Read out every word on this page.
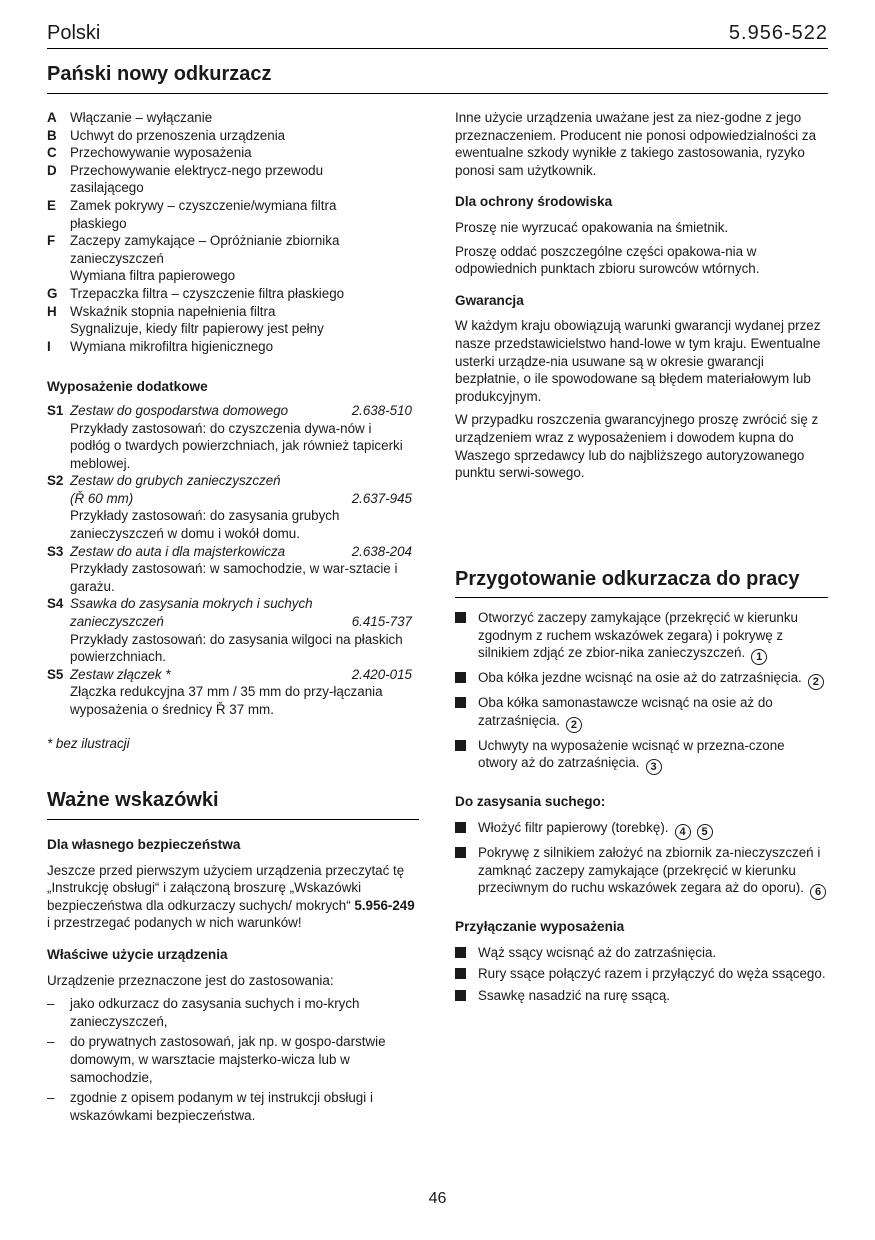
Polski	5.956-522
Pański nowy odkurzacz
A Włączanie – wyłączanie
B Uchwyt do przenoszenia urządzenia
C Przechowywanie wyposażenia
D Przechowywanie elektrycz-nego przewodu
zasilającego
E	Zamek pokrywy – czyszczenie/wymiana filtra
płaskiego
F	Zaczepy zamykające – Opróżnianie zbiornika
zanieczyszczeń
Wymiana filtra papierowego
G Trzepaczka filtra – czyszczenie filtra płaskiego
H Wskaźnik stopnia napełnienia filtra
Sygnalizuje, kiedy filtr papierowy jest pełny
I	Wymiana mikrofiltra higienicznego
Wyposażenie dodatkowe
S1 Zestaw do gospodarstwa domowego	2.638-510
Przykłady zastosowań: do czyszczenia dywa-nów i podłóg o twardych powierzchniach, jak również tapicerki meblowej.
S2 Zestaw do grubych zanieczyszczeń
(Ř 60 mm)	2.637-945
Przykłady zastosowań: do zasysania grubych zanieczyszczeń w domu i wokół domu.
S3 Zestaw do auta i dla majsterkowicza	2.638-204
Przykłady zastosowań: w samochodzie, w war-sztacie i garażu.
S4 Ssawka do zasysania mokrych i suchych
zanieczyszczeń	6.415-737
Przykłady zastosowań: do zasysania wilgoci na płaskich powierzchniach.
S5 Zestaw złączek *	2.420-015
Złączka redukcyjna 37 mm / 35 mm do przy-łączania wyposażenia o średnicy Ř 37 mm.
* bez ilustracji
Ważne wskazówki
Dla własnego bezpieczeństwa

Jeszcze przed pierwszym użyciem urządzenia przeczytać tę „Instrukcję obsługi“ i załączoną broszurę „Wskazówki bezpieczeństwa dla odkurzaczy suchych/ mokrych“ 5.956-249
i przestrzegać podanych w nich warunków!

Właściwe użycie urządzenia

Urządzenie przeznaczone jest do zastosowania:

–	jako odkurzacz do zasysania suchych i mo-krych zanieczyszczeń,
–	do prywatnych zastosowań, jak np. w gospo-darstwie domowym, w warsztacie majsterko-wicza lub w samochodzie,
–	zgodnie z opisem podanym w tej instrukcji obsługi i wskazówkami bezpieczeństwa.

Inne użycie urządzenia uważane jest za niez-godne z jego przeznaczeniem. Producent nie ponosi odpowiedzialności za ewentualne szkody wynikłe z takiego zastosowania, ryzyko ponosi sam użytkownik.

Dla ochrony środowiska

Proszę nie wyrzucać opakowania na śmietnik.

Proszę oddać poszczególne części opakowa-nia w odpowiednich punktach zbioru surowców wtórnych.

Gwarancja

W każdym kraju obowiązują warunki gwarancji wydanej przez nasze przedstawicielstwo hand-lowe w tym kraju. Ewentualne usterki urządze-nia usuwane są w okresie gwarancji bezpłatnie, o ile spowodowane są błędem materiałowym lub produkcyjnym.

W przypadku roszczenia gwarancyjnego proszę zwrócić się z urządzeniem wraz z wyposażeniem i dowodem kupna do Waszego sprzedawcy lub do najbliższego autoryzowanego punktu serwi-sowego.

Przygotowanie odkurzacza do pracy
Otworzyć zaczepy zamykające (przekręcić w kierunku zgodnym z ruchem wskazówek zegara) i pokrywę z silnikiem zdjąć ze zbior-nika zanieczyszczeń. 1
Oba kółka jezdne wcisnąć na osie aż do zatrzaśnięcia. 2
Oba kółka samonastawcze wcisnąć na osie aż do zatrzaśnięcia. 2
Uchwyty na wyposażenie wcisnąć w przezna-czone otwory aż do zatrzaśnięcia. 3
Do zasysania suchego:
Włożyć filtr papierowy (torebkę). 4 5
Pokrywę z silnikiem założyć na zbiornik za-nieczyszczeń i zamknąć zaczepy zamykające (przekręcić w kierunku przeciwnym do ruchu wskazówek zegara aż do oporu). 6
Przyłączanie wyposażenia
Wąż ssący wcisnąć aż do zatrzaśnięcia.
Rury ssące połączyć razem i przyłączyć do węża ssącego.
Ssawkę nasadzić na rurę ssącą.
46
